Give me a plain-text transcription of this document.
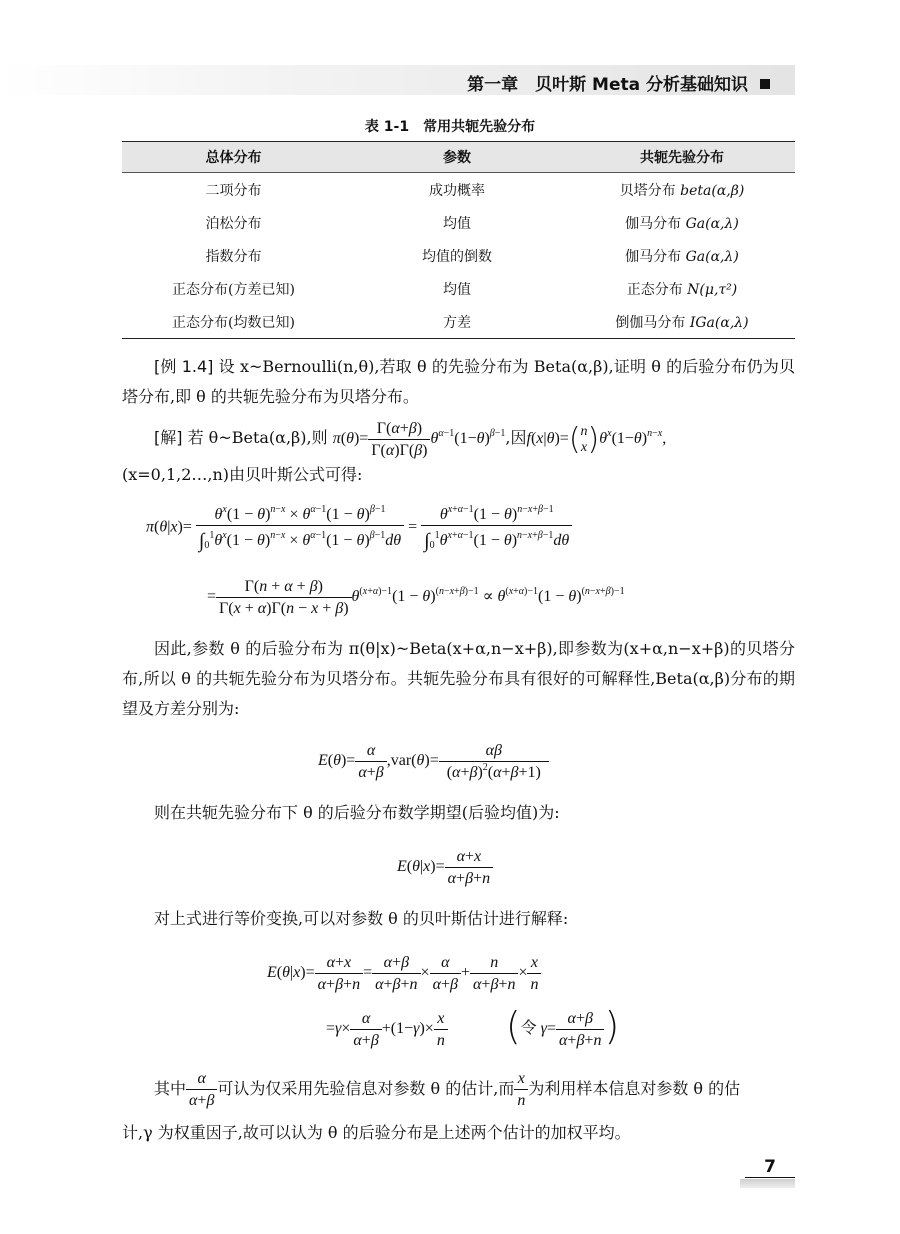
第一章　贝叶斯 Meta 分析基础知识
表 1-1　常用共轭先验分布
总体分布	参数	共轭先验分布
二项分布	成功概率	贝塔分布 beta(α,β)
泊松分布	均值	伽马分布 Ga(α,λ)
指数分布	均值的倒数	伽马分布 Ga(α,λ)
正态分布(方差已知)	均值	正态分布 N(μ,τ²)
正态分布(均数已知)	方差	倒伽马分布 IGa(α,λ)
[例 1.4] 设 x~Bernoulli(n,θ),若取 θ 的先验分布为 Beta(α,β),证明 θ 的后验分布仍为贝塔分布,即 θ 的共轭先验分布为贝塔分布。
[解] 若 θ~Beta(α,β),则 $\pi(\theta)= \frac{\Gamma(\alpha+\beta)}{\Gamma(\alpha)\Gamma(\beta)} \theta^{\alpha-1}(1-\theta)^{\beta-1}$,因f(x|θ)=(n
$x)\theta^x(1-\theta)^{n-x}$,
(x=0,1,2…,n)由贝叶斯公式可得:
$\pi(\theta|x)= \frac{\theta^x(1 - \theta)^{n-x} \times \theta^{\alpha-1}(1 - \theta)^{\beta-1}}{\int_0^1\theta^x(1 - \theta)^{n-x} \times \theta^{\alpha-1}(1 - \theta)^{\beta-1}d\theta} = \frac{\theta^{x+\alpha-1}(1 - \theta)^{n-x+\beta-1}}{\int_0^1\theta^{x+\alpha-1}(1 - \theta)^{n-x+\beta-1}d\theta}$
= $\frac{\Gamma(n + \alpha + \beta)}{\Gamma(x + \alpha)\Gamma(n - x + \beta)} \theta^{(x+\alpha)-1}(1 - \theta)^{(n-x+\beta)-1} \propto \theta^{(x+\alpha)-1}(1 - \theta)^{(n-x+\beta)-1}$
因此,参数 θ 的后验分布为 π(θ|x)~Beta(x+α,n−x+β),即参数为(x+α,n−x+β)的贝塔分布,所以 θ 的共轭先验分布为贝塔分布。共轭先验分布具有很好的可解释性,Beta(α,β)分布的期望及方差分别为:
$E(\theta)= \frac{\alpha}{\alpha+\beta} ,var(\theta)= \frac{\alpha\beta}{(\alpha+\beta)^2(\alpha+\beta+1)}$
则在共轭先验分布下 θ 的后验分布数学期望(后验均值)为:
$E(\theta|x)= \frac{\alpha+x}{\alpha+\beta+n}$
对上式进行等价变换,可以对参数 θ 的贝叶斯估计进行解释:
$E(\theta|x)= \frac{\alpha+x}{\alpha+\beta+n} = \frac{\alpha+\beta}{\alpha+\beta+n} \times \frac{\alpha}{\alpha+\beta} + \frac{n}{\alpha+\beta+n} \times \frac{x}{n}$
$=\gamma\times \frac{\alpha}{\alpha+\beta} +(1-\gamma)\times \frac{x}{n}$ (令 $\gamma= \frac{\alpha+\beta}{\alpha+\beta+n}$ )
其中 $\frac{\alpha}{\alpha+\beta}$ 可认为仅采用先验信息对参数 θ 的估计,而 $\frac{x}{n}$ 为利用样本信息对参数 θ 的估
计,γ 为权重因子,故可以认为 θ 的后验分布是上述两个估计的加权平均。
7
